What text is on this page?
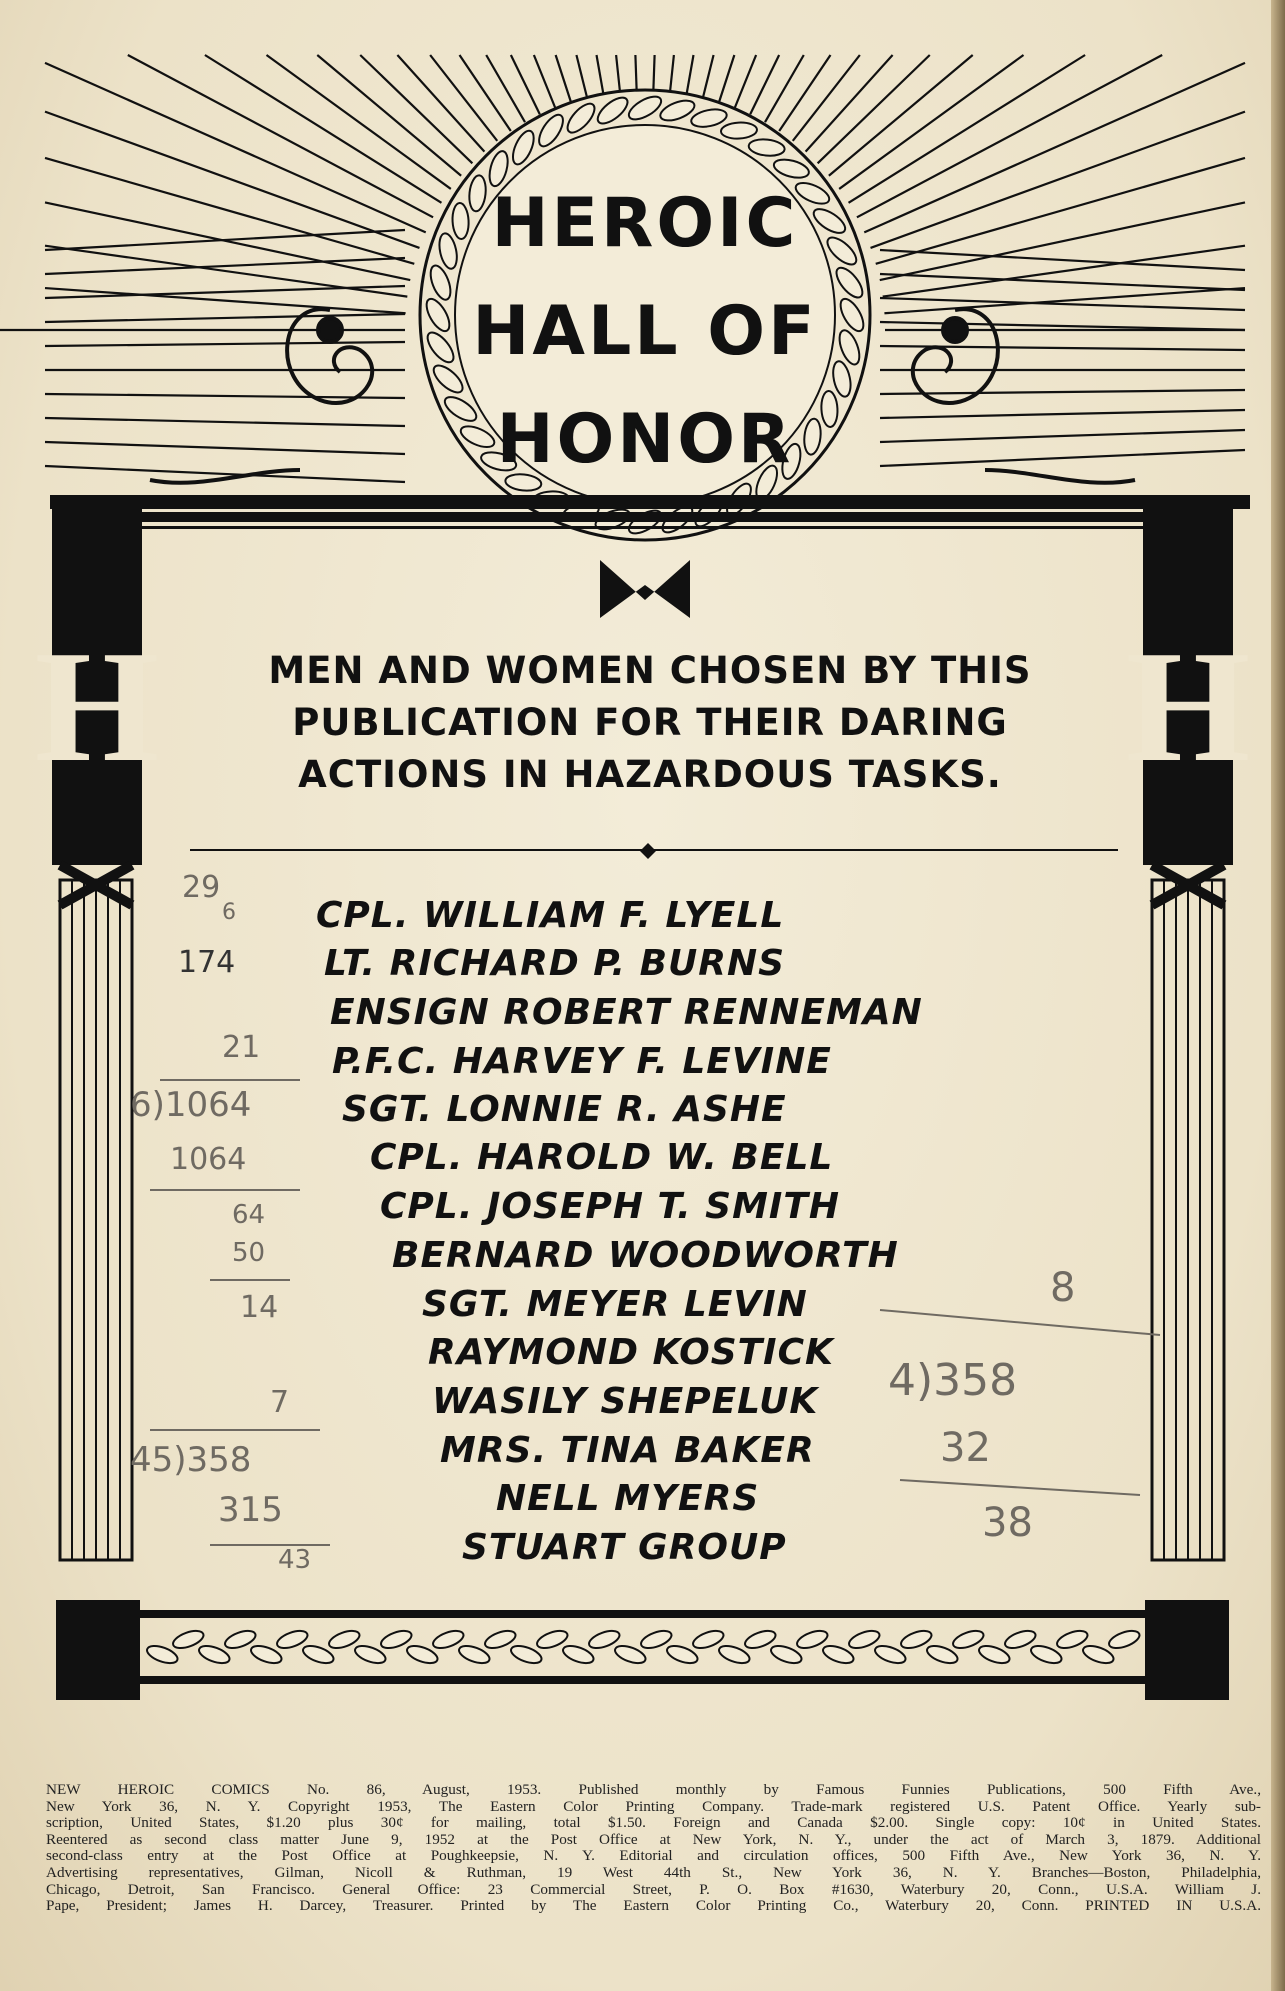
H	H
HEROIC
HALL OF
HONOR
MEN AND WOMEN CHOSEN BY THIS
PUBLICATION FOR THEIR DARING
ACTIONS IN HAZARDOUS TASKS.
CPL. WILLIAM F. LYELL
LT. RICHARD P. BURNS
ENSIGN ROBERT RENNEMAN
P.F.C. HARVEY F. LEVINE
SGT. LONNIE R. ASHE
CPL. HAROLD W. BELL
CPL. JOSEPH T. SMITH
BERNARD WOODWORTH
SGT. MEYER LEVIN
RAYMOND KOSTICK
WASILY SHEPELUK
MRS. TINA BAKER
NELL MYERS
STUART GROUP
29
6
174
21
6)1064
1064
64
50
14
7
45)358
315
43
8
4)358
32
38
NEW HEROIC COMICS No. 86, August, 1953. Published monthly by Famous Funnies Publications, 500 Fifth Ave.,
New York 36, N. Y. Copyright 1953, The Eastern Color Printing Company. Trade-mark registered U.S. Patent Office. Yearly sub-
scription, United States, $1.20 plus 30¢ for mailing, total $1.50. Foreign and Canada $2.00. Single copy: 10¢ in United States.
Reentered as second class matter June 9, 1952 at the Post Office at New York, N. Y., under the act of March 3, 1879. Additional
second-class entry at the Post Office at Poughkeepsie, N. Y. Editorial and circulation offices, 500 Fifth Ave., New York 36, N. Y.
Advertising representatives, Gilman, Nicoll & Ruthman, 19 West 44th St., New York 36, N. Y. Branches—Boston, Philadelphia,
Chicago, Detroit, San Francisco. General Office: 23 Commercial Street, P. O. Box #1630, Waterbury 20, Conn., U.S.A. William J.
Pape, President; James H. Darcey, Treasurer. Printed by The Eastern Color Printing Co., Waterbury 20, Conn. PRINTED IN U.S.A.
